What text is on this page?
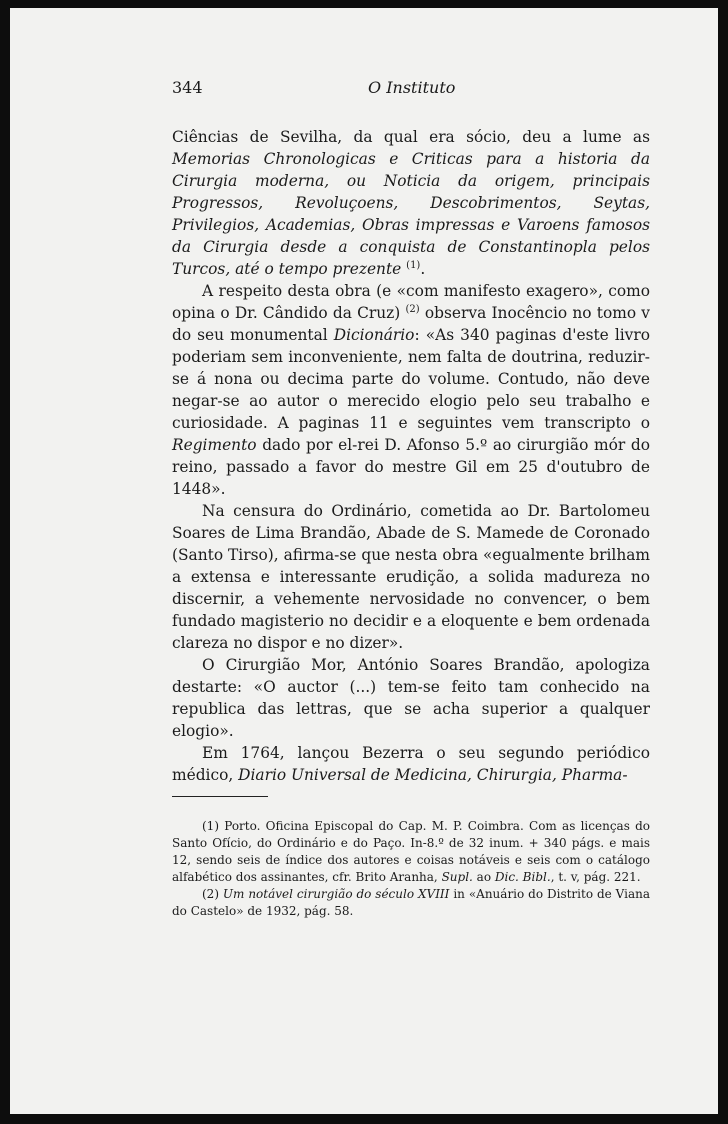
344	O Instituto

Ciências de Sevilha, da qual era sócio, deu a lume as Memorias Chronologicas e Criticas para a historia da Cirurgia moderna, ou Noticia da origem, principais Progressos, Revoluçoens, Descobrimentos, Seytas, Privilegios, Academias, Obras impressas e Varoens famosos da Cirurgia desde a conquista de Constantinopla pelos Turcos, até o tempo prezente $^{(1)}$.

A respeito desta obra (e «com manifesto exagero», como opina o Dr. Cândido da Cruz) $^{(2)}$ observa Inocêncio no tomo v do seu monumental Dicionário: «As 340 paginas d'este livro poderiam sem inconveniente, nem falta de doutrina, reduzir-se á nona ou decima parte do volume. Contudo, não deve negar-se ao autor o merecido elogio pelo seu trabalho e curiosidade. A paginas 11 e seguintes vem transcripto o Regimento dado por el-rei D. Afonso 5.º ao cirurgião mór do reino, passado a favor do mestre Gil em 25 d'outubro de 1448».

Na censura do Ordinário, cometida ao Dr. Bartolomeu Soares de Lima Brandão, Abade de S. Mamede de Coronado (Santo Tirso), afirma-se que nesta obra «egualmente brilham a extensa e interessante erudição, a solida madureza no discernir, a vehemente nervosidade no convencer, o bem fundado magisterio no decidir e a eloquente e bem ordenada clareza no dispor e no dizer».

O Cirurgião Mor, António Soares Brandão, apologiza destarte: «O auctor (...) tem-se feito tam conhecido na republica das lettras, que se acha superior a qualquer elogio».

Em 1764, lançou Bezerra o seu segundo periódico médico, Diario Universal de Medicina, Chirurgia, Pharma-

(1) Porto. Oficina Episcopal do Cap. M. P. Coimbra. Com as licenças do Santo Ofício, do Ordinário e do Paço. In-8.º de 32 inum. + 340 págs. e mais 12, sendo seis de índice dos autores e coisas notáveis e seis com o catálogo alfabético dos assinantes, cfr. Brito Aranha, Supl. ao Dic. Bibl., t. v, pág. 221.

(2) Um notável cirurgião do século XVIII in «Anuário do Distrito de Viana do Castelo» de 1932, pág. 58.
